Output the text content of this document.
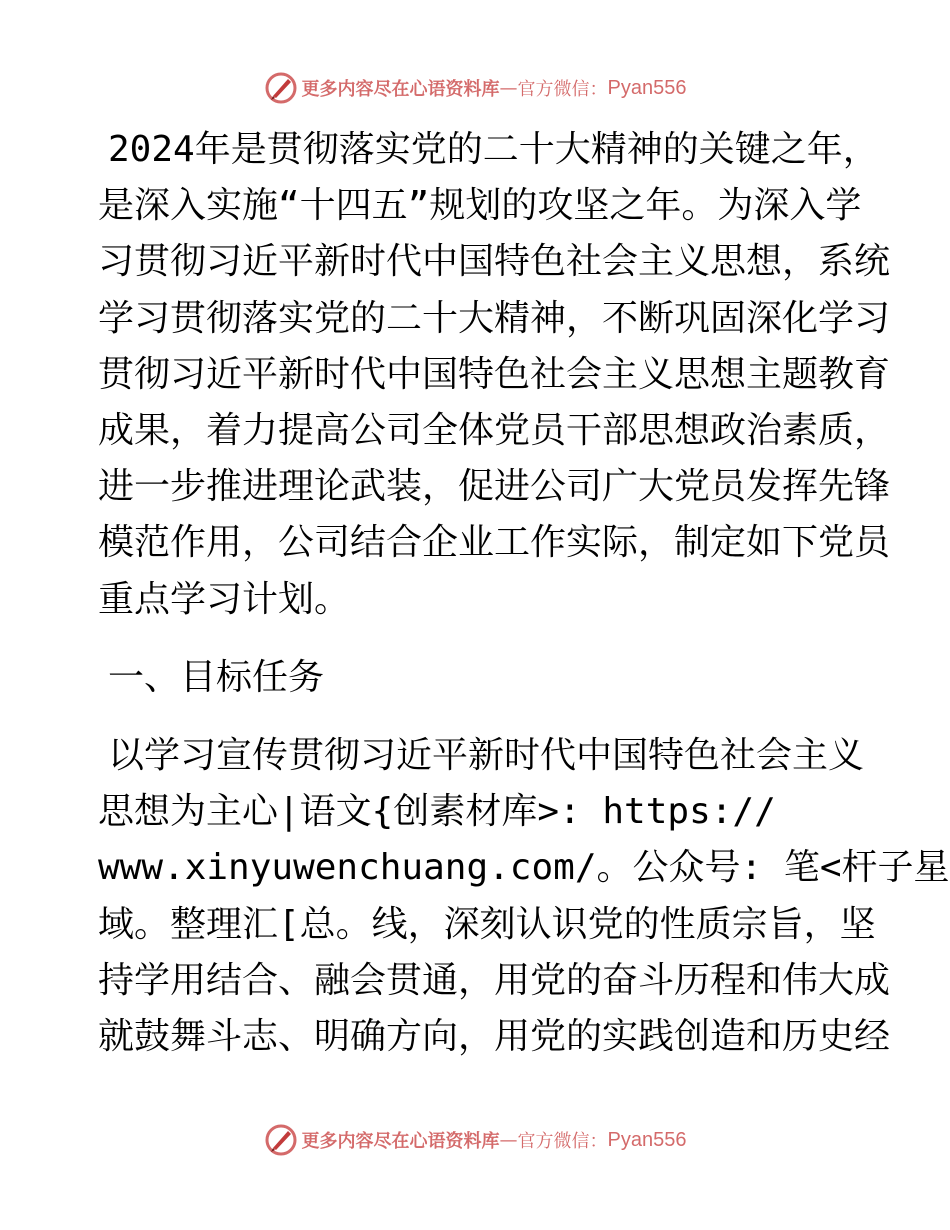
更多内容尽在心语资料库 — 官方微信： Pyan556

2024年是贯彻落实党的二十大精神的关键之年，

是深入实施“十四五”规划的攻坚之年。为深入学

习贯彻习近平新时代中国特色社会主义思想，系统

学习贯彻落实党的二十大精神，不断巩固深化学习

贯彻习近平新时代中国特色社会主义思想主题教育

成果，着力提高公司全体党员干部思想政治素质，

进一步推进理论武装，促进公司广大党员发挥先锋

模范作用，公司结合企业工作实际，制定如下党员

重点学习计划。

一、目标任务

以学习宣传贯彻习近平新时代中国特色社会主义

思想为主心|语文{创素材库>: https://

www.xinyuwenchuang.com/。公众号: 笔<杆子星

域。整理汇[总。线，深刻认识党的性质宗旨，坚

持学用结合、融会贯通，用党的奋斗历程和伟大成

就鼓舞斗志、明确方向，用党的实践创造和历史经

更多内容尽在心语资料库 — 官方微信： Pyan556
